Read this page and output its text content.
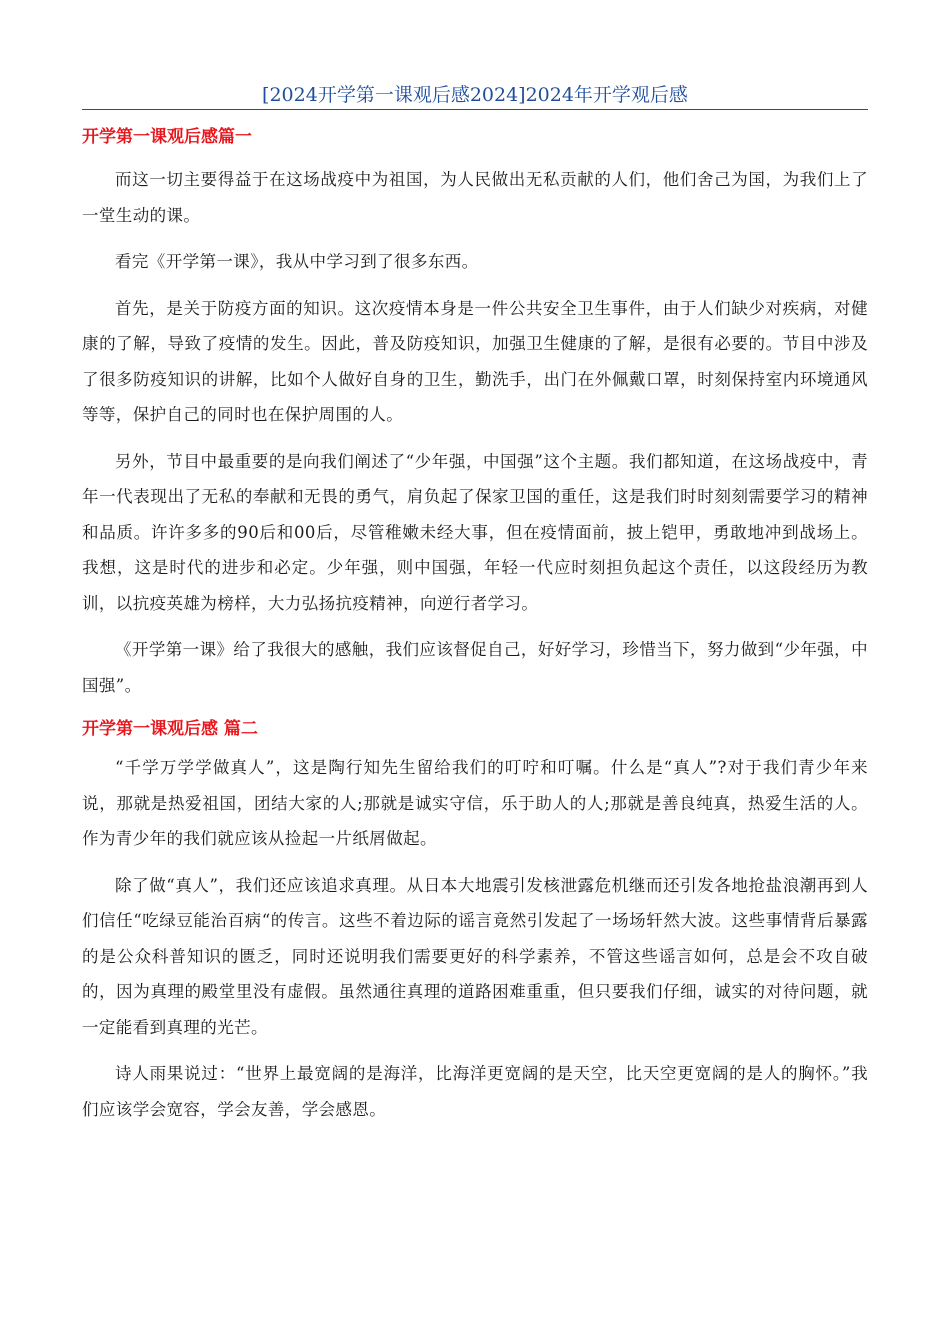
[2024开学第一课观后感2024]2024年开学观后感
开学第一课观后感篇一

而这一切主要得益于在这场战疫中为祖国，为人民做出无私贡献的人们，他们舍己为国，为我们上了一堂生动的课。

看完《开学第一课》，我从中学习到了很多东西。

首先，是关于防疫方面的知识。这次疫情本身是一件公共安全卫生事件，由于人们缺少对疾病，对健康的了解，导致了疫情的发生。因此，普及防疫知识，加强卫生健康的了解，是很有必要的。节目中涉及了很多防疫知识的讲解，比如个人做好自身的卫生，勤洗手，出门在外佩戴口罩，时刻保持室内环境通风等等，保护自己的同时也在保护周围的人。

另外，节目中最重要的是向我们阐述了“少年强，中国强”这个主题。我们都知道，在这场战疫中，青年一代表现出了无私的奉献和无畏的勇气，肩负起了保家卫国的重任，这是我们时时刻刻需要学习的精神和品质。许许多多的90后和00后，尽管稚嫩未经大事，但在疫情面前，披上铠甲，勇敢地冲到战场上。我想，这是时代的进步和必定。少年强，则中国强，年轻一代应时刻担负起这个责任，以这段经历为教训，以抗疫英雄为榜样，大力弘扬抗疫精神，向逆行者学习。

《开学第一课》给了我很大的感触，我们应该督促自己，好好学习，珍惜当下，努力做到“少年强，中国强”。

开学第一课观后感 篇二

“千学万学学做真人”，这是陶行知先生留给我们的叮咛和叮嘱。什么是“真人”?对于我们青少年来说，那就是热爱祖国，团结大家的人;那就是诚实守信，乐于助人的人;那就是善良纯真，热爱生活的人。作为青少年的我们就应该从捡起一片纸屑做起。

除了做“真人”，我们还应该追求真理。从日本大地震引发核泄露危机继而还引发各地抢盐浪潮再到人们信任“吃绿豆能治百病“的传言。这些不着边际的谣言竟然引发起了一场场轩然大波。这些事情背后暴露的是公众科普知识的匮乏，同时还说明我们需要更好的科学素养，不管这些谣言如何，总是会不攻自破的，因为真理的殿堂里没有虚假。虽然通往真理的道路困难重重，但只要我们仔细，诚实的对待问题，就一定能看到真理的光芒。

诗人雨果说过：“世界上最宽阔的是海洋，比海洋更宽阔的是天空，比天空更宽阔的是人的胸怀。”我们应该学会宽容，学会友善，学会感恩。
